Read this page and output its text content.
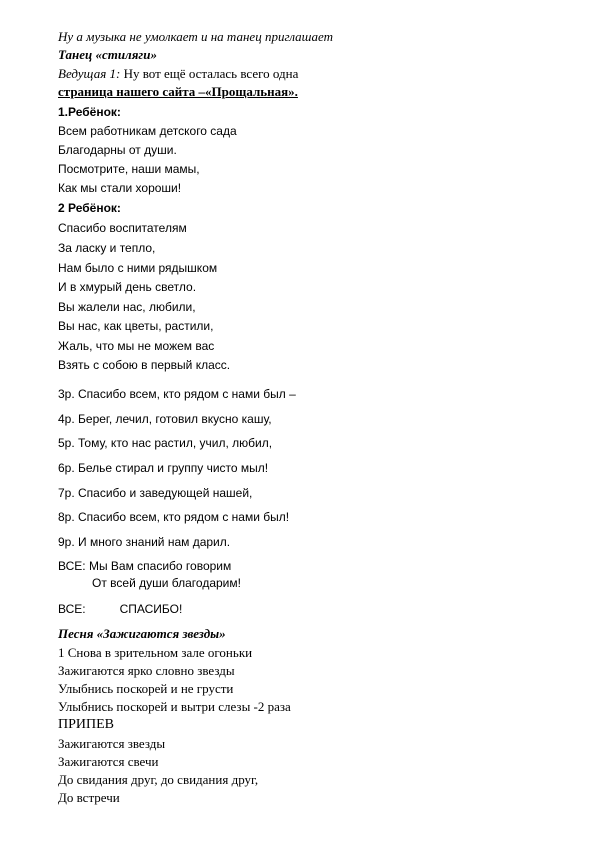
Ну а музыка не умолкает и на танец приглашает
Танец «стиляги»
Ведущая 1: Ну вот ещё осталась всего одна
страница нашего сайта –«Прощальная».
1.Ребёнок:
Всем работникам детского сада
Благодарны от души.
Посмотрите, наши мамы,
Как мы стали хороши!
2 Ребёнок:
Спасибо воспитателям
За ласку и тепло,
Нам было с ними рядышком
И в хмурый день светло.
Вы жалели нас, любили,
Вы нас, как цветы, растили,
Жаль, что мы не можем вас
Взять с собою в первый класс.
3р. Спасибо всем, кто рядом с нами был –
4р. Берег, лечил, готовил вкусно кашу,
5р. Тому, кто нас растил, учил, любил,
6р. Белье стирал и группу чисто мыл!
7р. Спасибо и заведующей нашей,
8р. Спасибо всем, кто рядом с нами был!
9р. И много знаний нам дарил.
ВСЕ: Мы Вам спасибо говорим
От всей души благодарим!
ВСЕ:	СПАСИБО!
Песня «Зажигаются звезды»
1 Снова в зрительном зале огоньки
Зажигаются ярко словно звезды
Улыбнись поскорей и не грусти
Улыбнись поскорей и вытри слезы -2 раза
ПРИПЕВ
Зажигаются звезды
Зажигаются свечи
До свидания друг, до свидания друг,
До встречи
